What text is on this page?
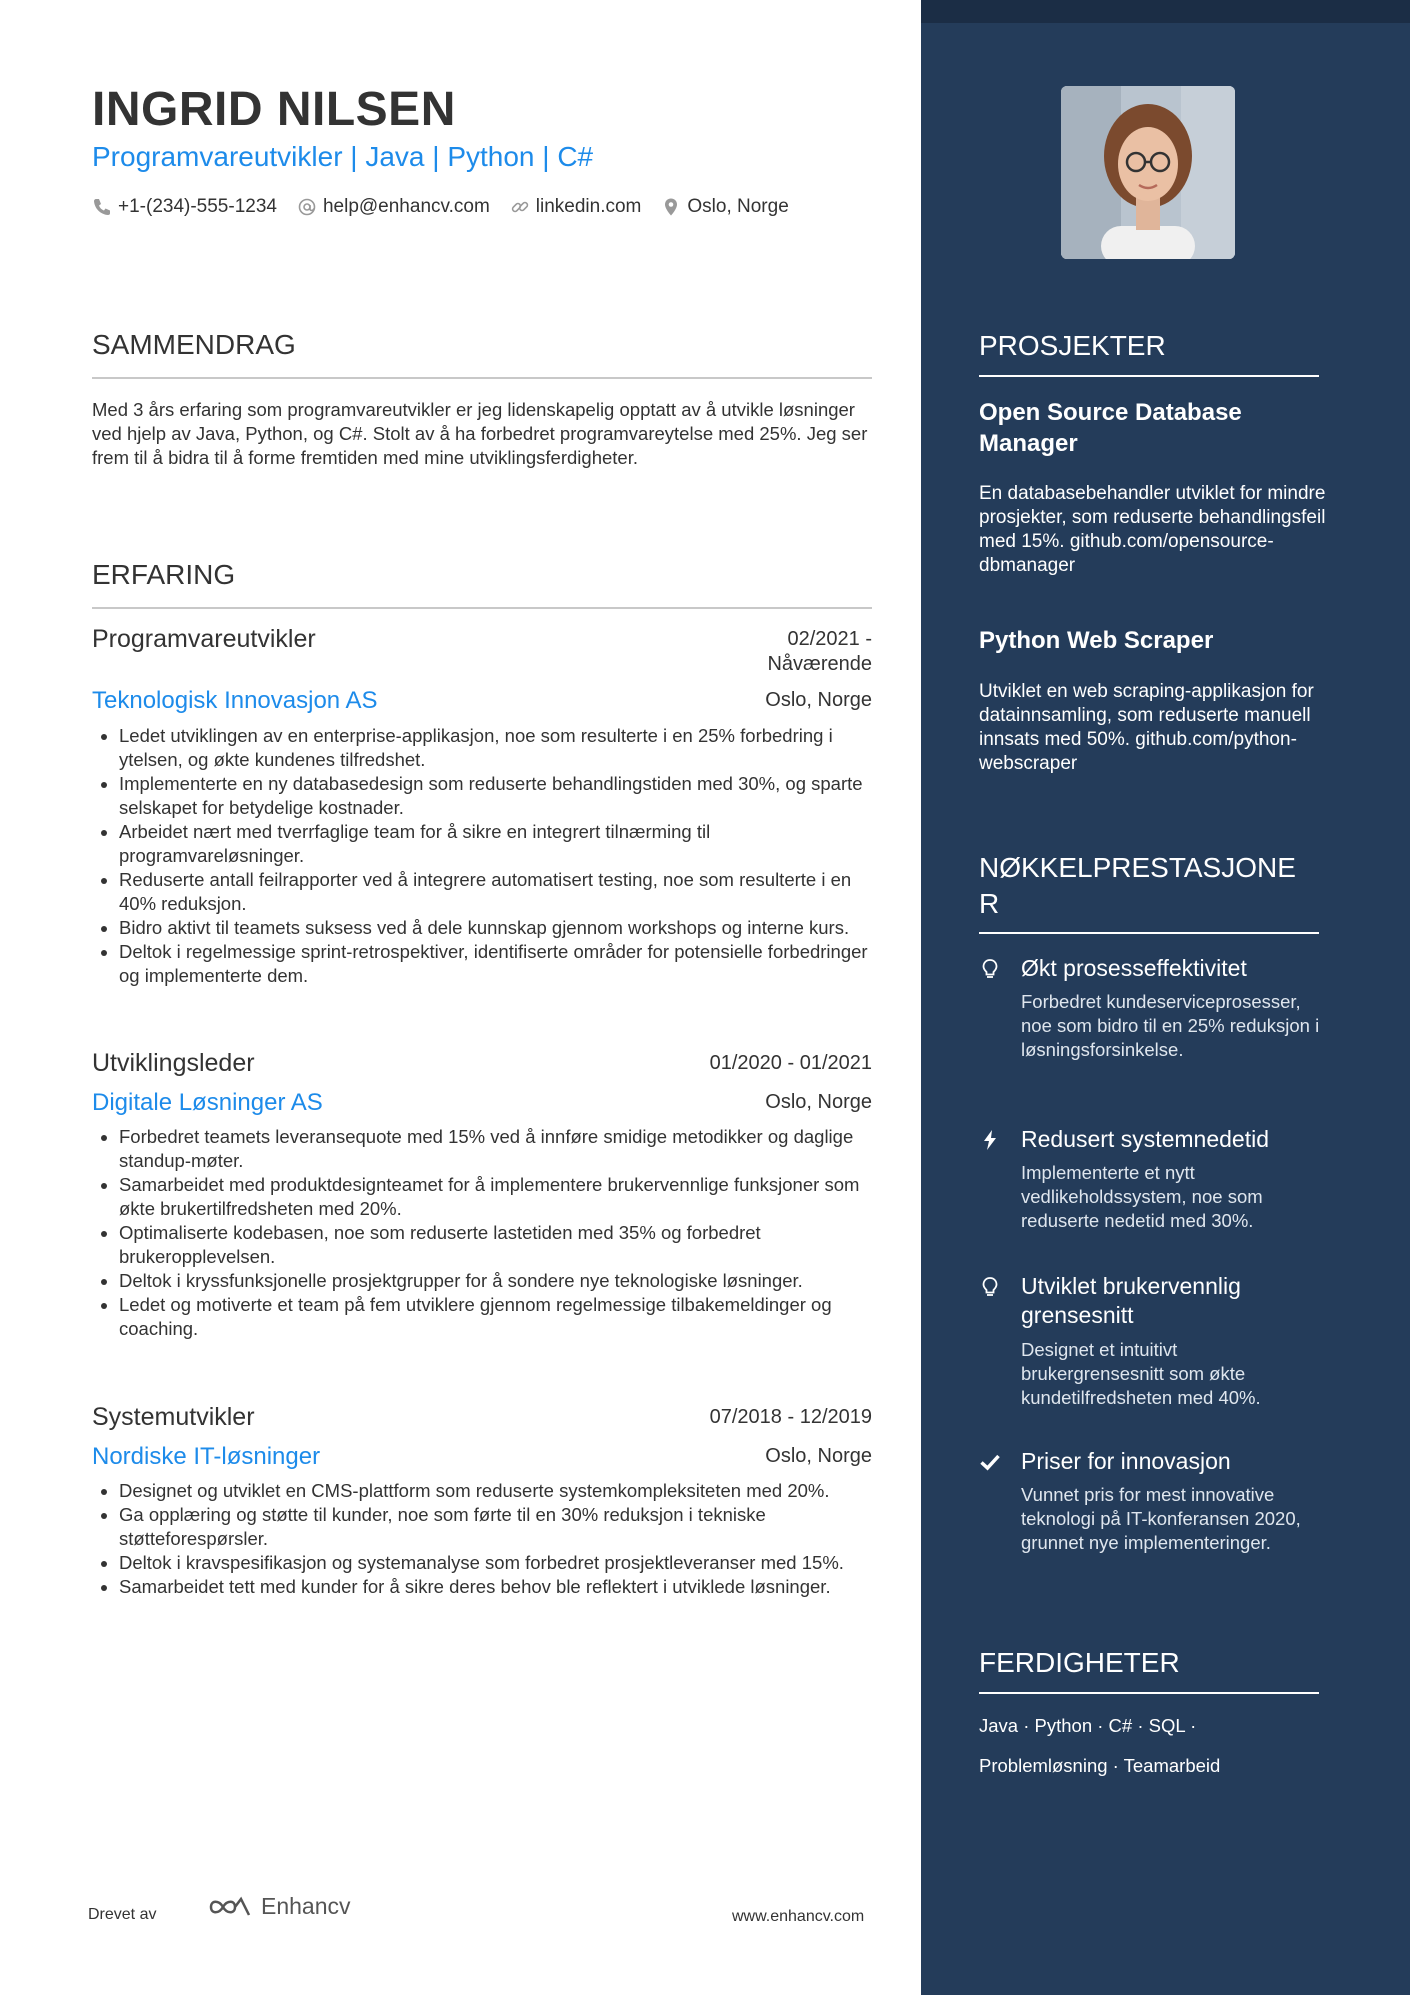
INGRID NILSEN
Programvareutvikler | Java | Python | C#
+1-(234)-555-1234 help@enhancv.com linkedin.com Oslo, Norge
SAMMENDRAG
Med 3 års erfaring som programvareutvikler er jeg lidenskapelig opptatt av å utvikle løsninger ved hjelp av Java, Python, og C#. Stolt av å ha forbedret programvareytelse med 25%. Jeg ser frem til å bidra til å forme fremtiden med mine utviklingsferdigheter.
ERFARING
Programvareutvikler	02/2021 -
Nåværende
Teknologisk Innovasjon AS	Oslo, Norge
• Ledet utviklingen av en enterprise-applikasjon, noe som resulterte i en 25% forbedring i ytelsen, og økte kundenes tilfredshet.
• Implementerte en ny databasedesign som reduserte behandlingstiden med 30%, og sparte selskapet for betydelige kostnader.
• Arbeidet nært med tverrfaglige team for å sikre en integrert tilnærming til programvareløsninger.
• Reduserte antall feilrapporter ved å integrere automatisert testing, noe som resulterte i en 40% reduksjon.
• Bidro aktivt til teamets suksess ved å dele kunnskap gjennom workshops og interne kurs.
• Deltok i regelmessige sprint-retrospektiver, identifiserte områder for potensielle forbedringer og implementerte dem.
Utviklingsleder	01/2020 - 01/2021
Digitale Løsninger AS	Oslo, Norge
• Forbedret teamets leveransequote med 15% ved å innføre smidige metodikker og daglige standup-møter.
• Samarbeidet med produktdesignteamet for å implementere brukervennlige funksjoner som økte brukertilfredsheten med 20%.
• Optimaliserte kodebasen, noe som reduserte lastetiden med 35% og forbedret brukeropplevelsen.
• Deltok i kryssfunksjonelle prosjektgrupper for å sondere nye teknologiske løsninger.
• Ledet og motiverte et team på fem utviklere gjennom regelmessige tilbakemeldinger og coaching.
Systemutvikler	07/2018 - 12/2019
Nordiske IT-løsninger	Oslo, Norge
• Designet og utviklet en CMS-plattform som reduserte systemkompleksiteten med 20%.
• Ga opplæring og støtte til kunder, noe som førte til en 30% reduksjon i tekniske støtteforespørsler.
• Deltok i kravspesifikasjon og systemanalyse som forbedret prosjektleveranser med 15%.
• Samarbeidet tett med kunder for å sikre deres behov ble reflektert i utviklede løsninger.
Drevet av	Enhancv	www.enhancv.com
PROSJEKTER
Open Source Database Manager
En databasebehandler utviklet for mindre prosjekter, som reduserte behandlingsfeil med 15%. github.com/opensource-dbmanager
Python Web Scraper
Utviklet en web scraping-applikasjon for datainnsamling, som reduserte manuell innsats med 50%. github.com/python-webscraper
NØKKELPRESTASJONE
R
Økt prosesseffektivitet
Forbedret kundeserviceprosesser, noe som bidro til en 25% reduksjon i løsningsforsinkelse.
Redusert systemnedetid
Implementerte et nytt vedlikeholdssystem, noe som reduserte nedetid med 30%.
Utviklet brukervennlig grensesnitt
Designet et intuitivt brukergrensesnitt som økte kundetilfredsheten med 40%.
Priser for innovasjon
Vunnet pris for mest innovative teknologi på IT-konferansen 2020, grunnet nye implementeringer.
FERDIGHETER
Java · Python · C# · SQL ·
Problemløsning · Teamarbeid
